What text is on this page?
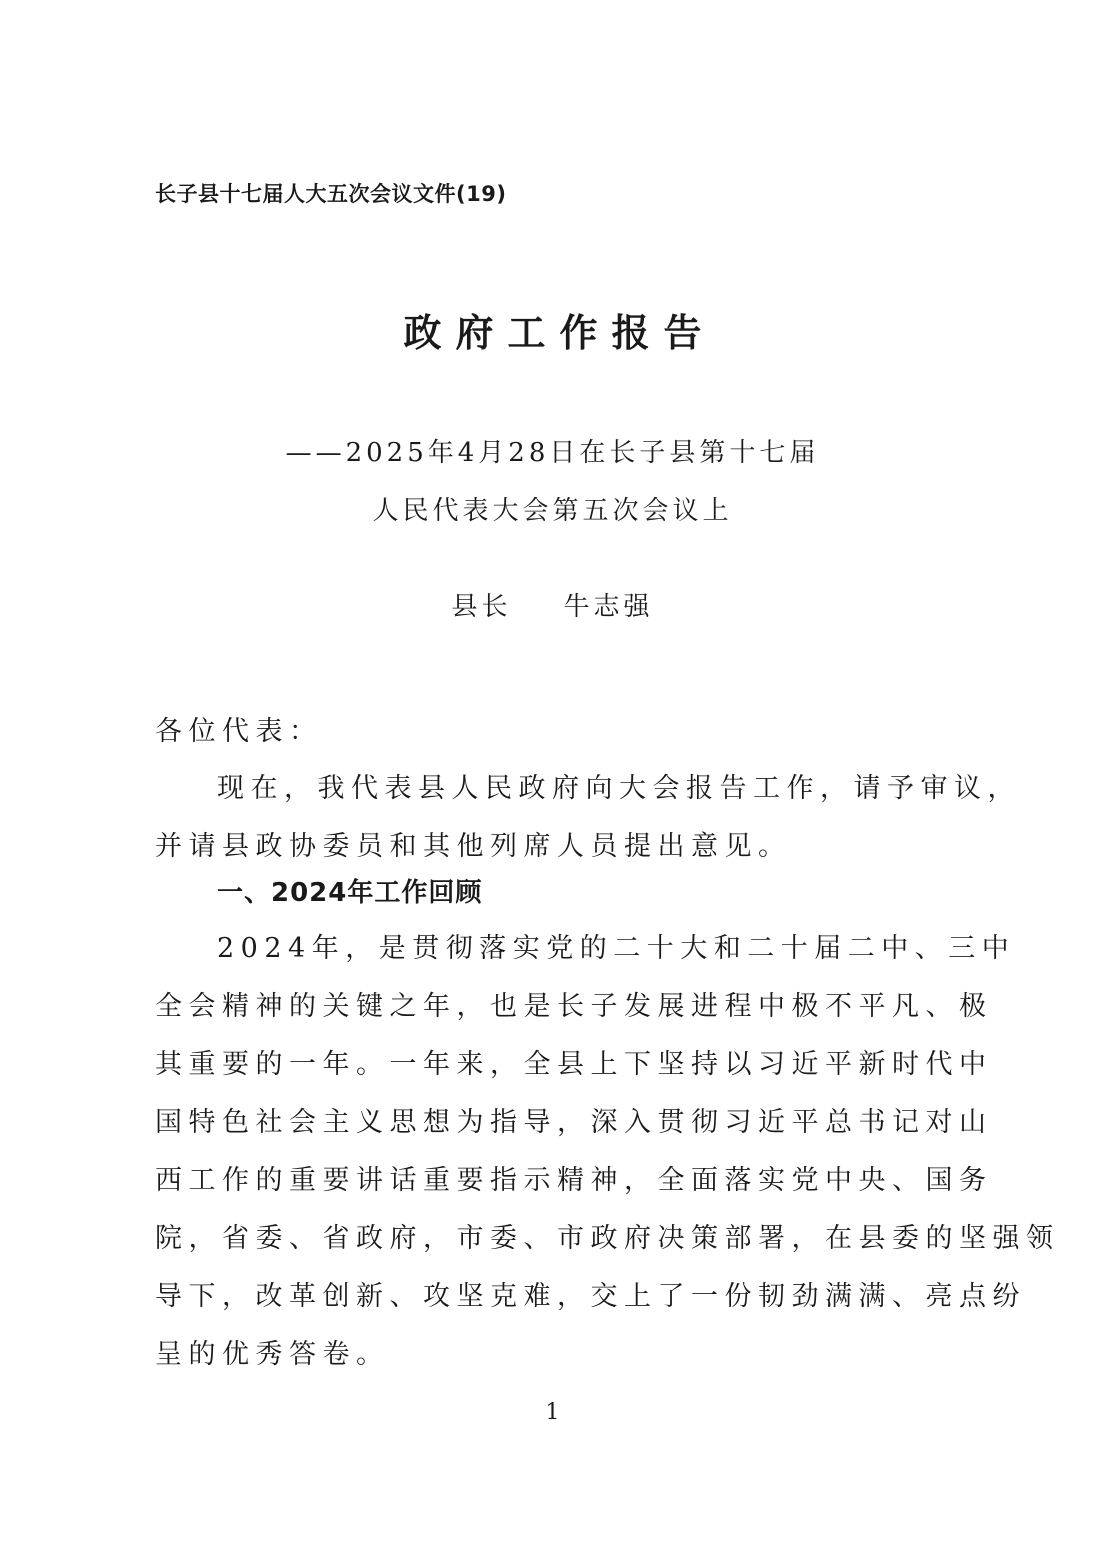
长子县十七届人大五次会议文件(19)
政府工作报告
——2025年4月28日在长子县第十七届
人民代表大会第五次会议上
县长 牛志强
各位代表：
现在，我代表县人民政府向大会报告工作，请予审议，
并请县政协委员和其他列席人员提出意见。
一、2024年工作回顾
2024年，是贯彻落实党的二十大和二十届二中、三中
全会精神的关键之年，也是长子发展进程中极不平凡、极
其重要的一年。一年来，全县上下坚持以习近平新时代中
国特色社会主义思想为指导，深入贯彻习近平总书记对山
西工作的重要讲话重要指示精神，全面落实党中央、国务
院，省委、省政府，市委、市政府决策部署，在县委的坚强领
导下，改革创新、攻坚克难，交上了一份韧劲满满、亮点纷
呈的优秀答卷。
1
